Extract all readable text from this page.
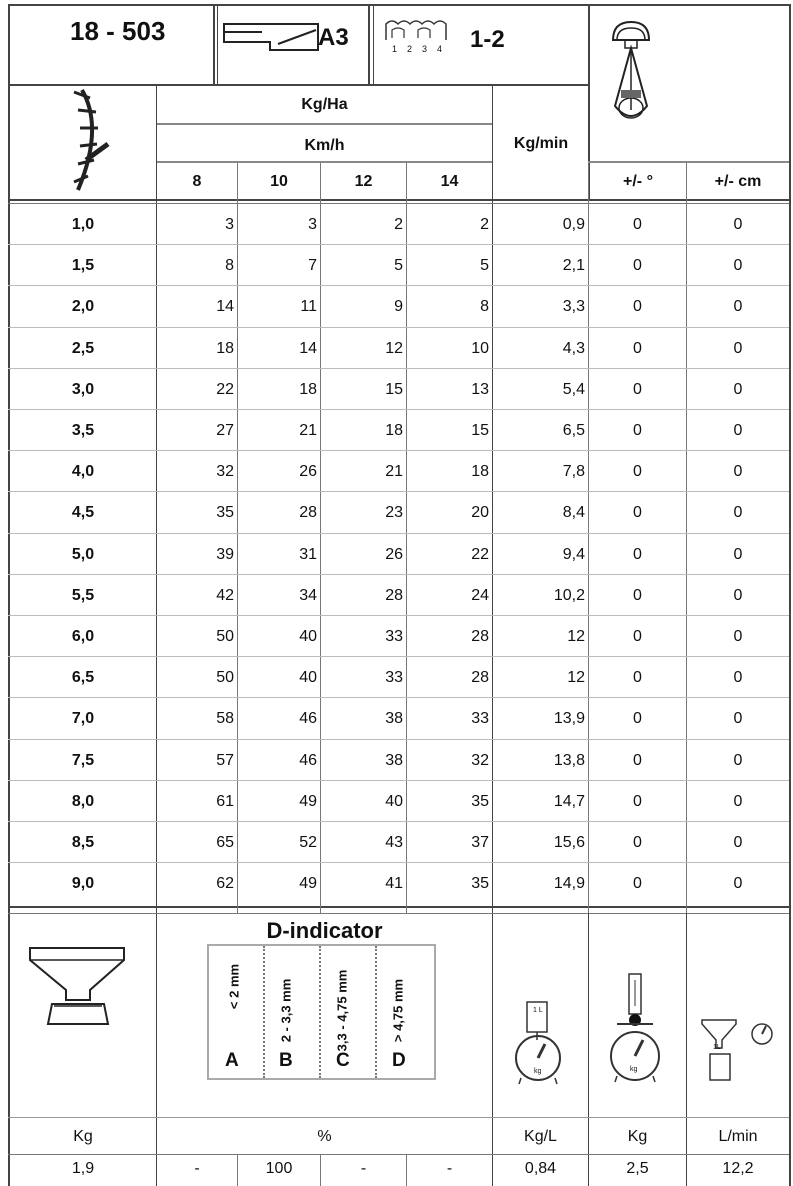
18 - 503	A3	1234 1-2
Kg/Ha
Km/h	Kg/min
+/- °	+/- cm
D-indicator
< 2 mm	2 - 3,3 mm	3,3 - 4,75 mm	> 4,75 mm
A B C D
1 L
kg	kg
1L
Kg	%	Kg/L	Kg	L/min
1,9	-	100	-	-	0,84	2,5	12,2
8	10	12	14
1,0	3	3	2	2	0,9	0	0
1,5	8	7	5	5	2,1	0	0
2,0	14	11	9	8	3,3	0	0
2,5	18	14	12	10	4,3	0	0
3,0	22	18	15	13	5,4	0	0
3,5	27	21	18	15	6,5	0	0
4,0	32	26	21	18	7,8	0	0
4,5	35	28	23	20	8,4	0	0
5,0	39	31	26	22	9,4	0	0
5,5	42	34	28	24	10,2	0	0
6,0	50	40	33	28	12	0	0
6,5	50	40	33	28	12	0	0
7,0	58	46	38	33	13,9	0	0
7,5	57	46	38	32	13,8	0	0
8,0	61	49	40	35	14,7	0	0
8,5	65	52	43	37	15,6	0	0
9,0	62	49	41	35	14,9	0	0
